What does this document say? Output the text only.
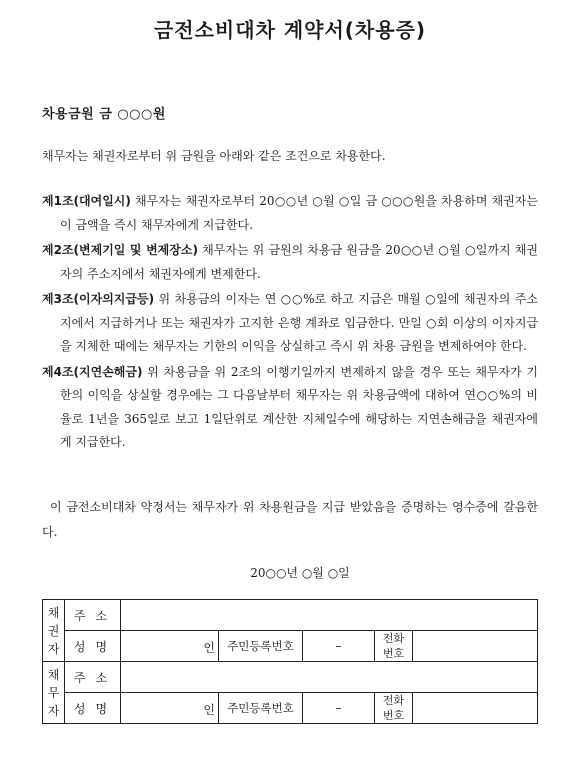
금전소비대차 계약서(차용증)
차용금원 금 ○○○원
채무자는 채권자로부터 위 금원을 아래와 같은 조건으로 차용한다.
제1조(대여일시) 채무자는 채권자로부터 20○○년 ○월 ○일 금 ○○○원을 차용하며 채권자는 이 금액을 즉시 채무자에게 지급한다.
제2조(변제기일 및 변제장소) 채무자는 위 금원의 차용금 원금을 20○○년 ○월 ○일까지 채권자의 주소지에서 채권자에게 변제한다.
제3조(이자의지급등) 위 차용금의 이자는 연 ○○%로 하고 지급은 매월 ○일에 채권자의 주소지에서 지급하거나 또는 채권자가 고지한 은행 계좌로 입금한다. 만일 ○회 이상의 이자지급을 지체한 때에는 채무자는 기한의 이익을 상실하고 즉시 위 차용 금원을 변제하여야 한다.
제4조(지연손해금) 위 차용금을 위 2조의 이행기일까지 변제하지 않을 경우 또는 채무자가 기한의 이익을 상실할 경우에는 그 다음날부터 채무자는 위 차용금액에 대하여 연○○%의 비율로 1년을 365일로 보고 1일단위로 계산한 지체일수에 해당하는 지연손해금을 채권자에게 지급한다.
이 금전소비대차 약정서는 채무자가 위 차용원금을 지급 받았음을 증명하는 영수증에 갈음한다.
20○○년 ○월 ○일
채
권
자	주소					
	성명	인	주민등록번호	–	전화
번호	

채
무
자	주소					
	성명	인	주민등록번호	–	전화
번호	
